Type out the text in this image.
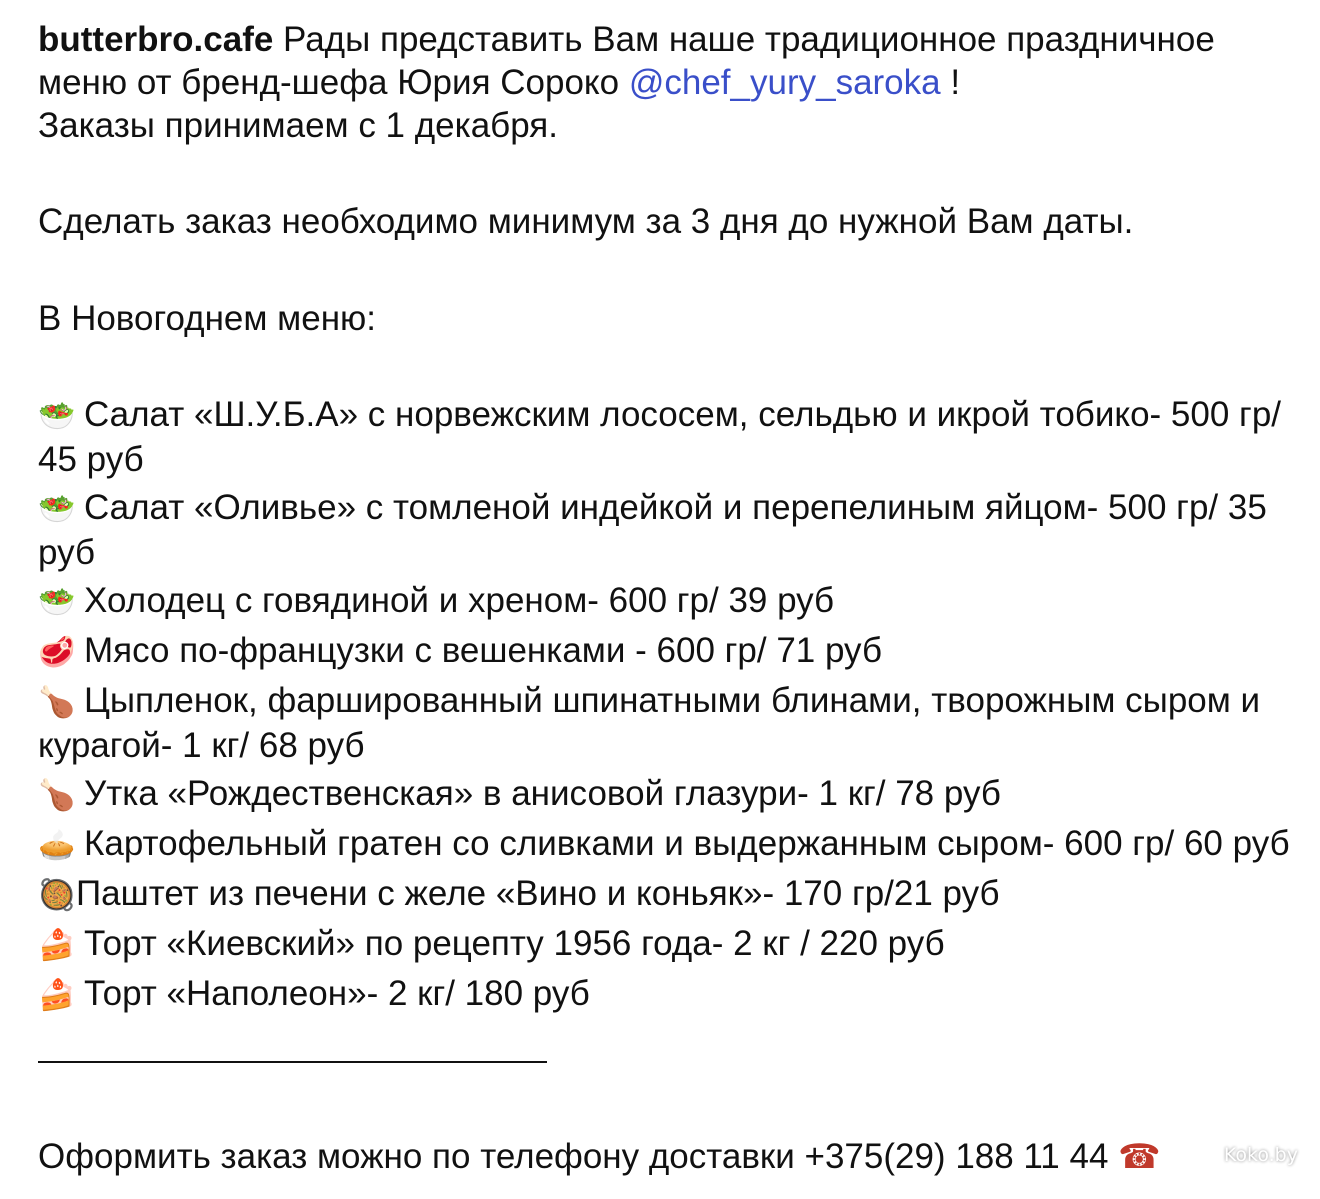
butterbro.cafe Рады представить Вам наше традиционное праздничное меню от бренд-шефа Юрия Сороко @chef_yury_saroka !
Заказы принимаем с 1 декабря.
Сделать заказ необходимо минимум за 3 дня до нужной Вам даты.
В Новогоднем меню:
🥗 Салат «Ш.У.Б.А» с норвежским лососем, сельдью и икрой тобико- 500 гр/ 45 руб
🥗 Салат «Оливье» с томленой индейкой и перепелиным яйцом- 500 гр/ 35 руб
🥗 Холодец с говядиной и хреном- 600 гр/ 39 руб
🥩 Мясо по-французки с вешенками - 600 гр/ 71 руб
🍗 Цыпленок, фаршированный шпинатными блинами, творожным сыром и курагой- 1 кг/ 68 руб
🍗 Утка «Рождественская» в анисовой глазури- 1 кг/ 78 руб
🥧 Картофельный гратен со сливками и выдержанным сыром- 600 гр/ 60 руб
🥘Паштет из печени с желе «Вино и коньяк»- 170 гр/21 руб
🍰 Торт «Киевский» по рецепту 1956 года- 2 кг / 220 руб
🍰 Торт «Наполеон»- 2 кг/ 180 руб
Оформить заказ можно по телефону доставки +375(29) 188 11 44 ☎	Koko.by
